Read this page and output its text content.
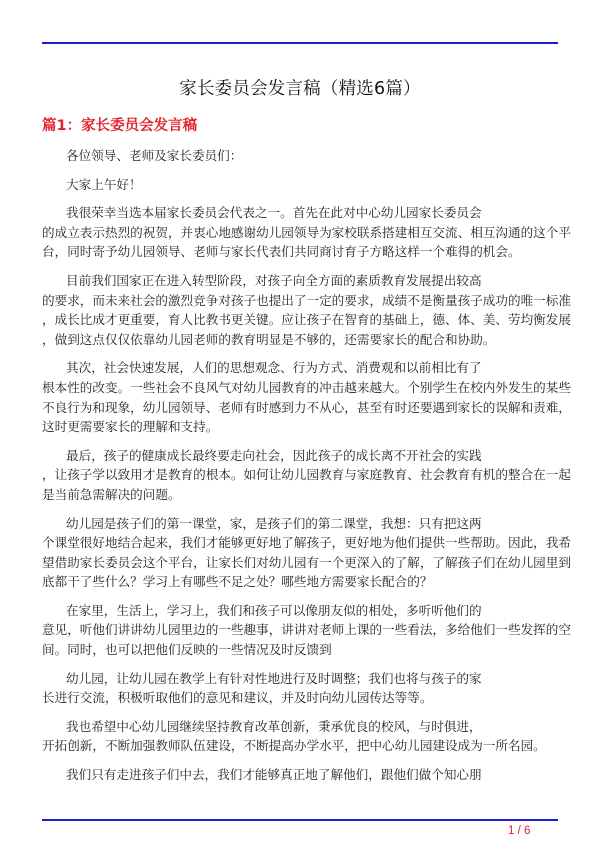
家长委员会发言稿（精选6篇）
篇1：家长委员会发言稿

各位领导、老师及家长委员们：

大家上午好！

我很荣幸当选本届家长委员会代表之一。首先在此对中心幼儿园家长委员会
的成立表示热烈的祝贺，并衷心地感谢幼儿园领导为家校联系搭建相互交流、相互沟通的这个平
台，同时寄予幼儿园领导、老师与家长代表们共同商讨育子方略这样一个难得的机会。

目前我们国家正在进入转型阶段，对孩子向全方面的素质教育发展提出较高
的要求，而未来社会的激烈竞争对孩子也提出了一定的要求，成绩不是衡量孩子成功的唯一标准
，成长比成才更重要，育人比教书更关键。应让孩子在智育的基础上，德、体、美、劳均衡发展
，做到这点仅仅依靠幼儿园老师的教育明显是不够的，还需要家长的配合和协助。

其次，社会快速发展，人们的思想观念、行为方式、消费观和以前相比有了
根本性的改变。一些社会不良风气对幼儿园教育的冲击越来越大。个别学生在校内外发生的某些
不良行为和现象，幼儿园领导、老师有时感到力不从心，甚至有时还要遇到家长的误解和责难，
这时更需要家长的理解和支持。

最后，孩子的健康成长最终要走向社会，因此孩子的成长离不开社会的实践
，让孩子学以致用才是教育的根本。如何让幼儿园教育与家庭教育、社会教育有机的整合在一起
是当前急需解决的问题。

幼儿园是孩子们的第一课堂，家，是孩子们的第二课堂，我想：只有把这两
个课堂很好地结合起来，我们才能够更好地了解孩子，更好地为他们提供一些帮助。因此，我希
望借助家长委员会这个平台，让家长们对幼儿园有一个更深入的了解，了解孩子们在幼儿园里到
底都干了些什么？学习上有哪些不足之处？哪些地方需要家长配合的？

在家里，生活上，学习上，我们和孩子可以像朋友似的相处，多听听他们的
意见，听他们讲讲幼儿园里边的一些趣事，讲讲对老师上课的一些看法，多给他们一些发挥的空
间。同时，也可以把他们反映的一些情况及时反馈到

幼儿园，让幼儿园在教学上有针对性地进行及时调整；我们也将与孩子的家
长进行交流，积极听取他们的意见和建议，并及时向幼儿园传达等等。

我也希望中心幼儿园继续坚持教育改革创新，秉承优良的校风，与时俱进，
开拓创新，不断加强教师队伍建设，不断提高办学水平，把中心幼儿园建设成为一所名园。

我们只有走进孩子们中去，我们才能够真正地了解他们，跟他们做个知心朋

1 / 6
